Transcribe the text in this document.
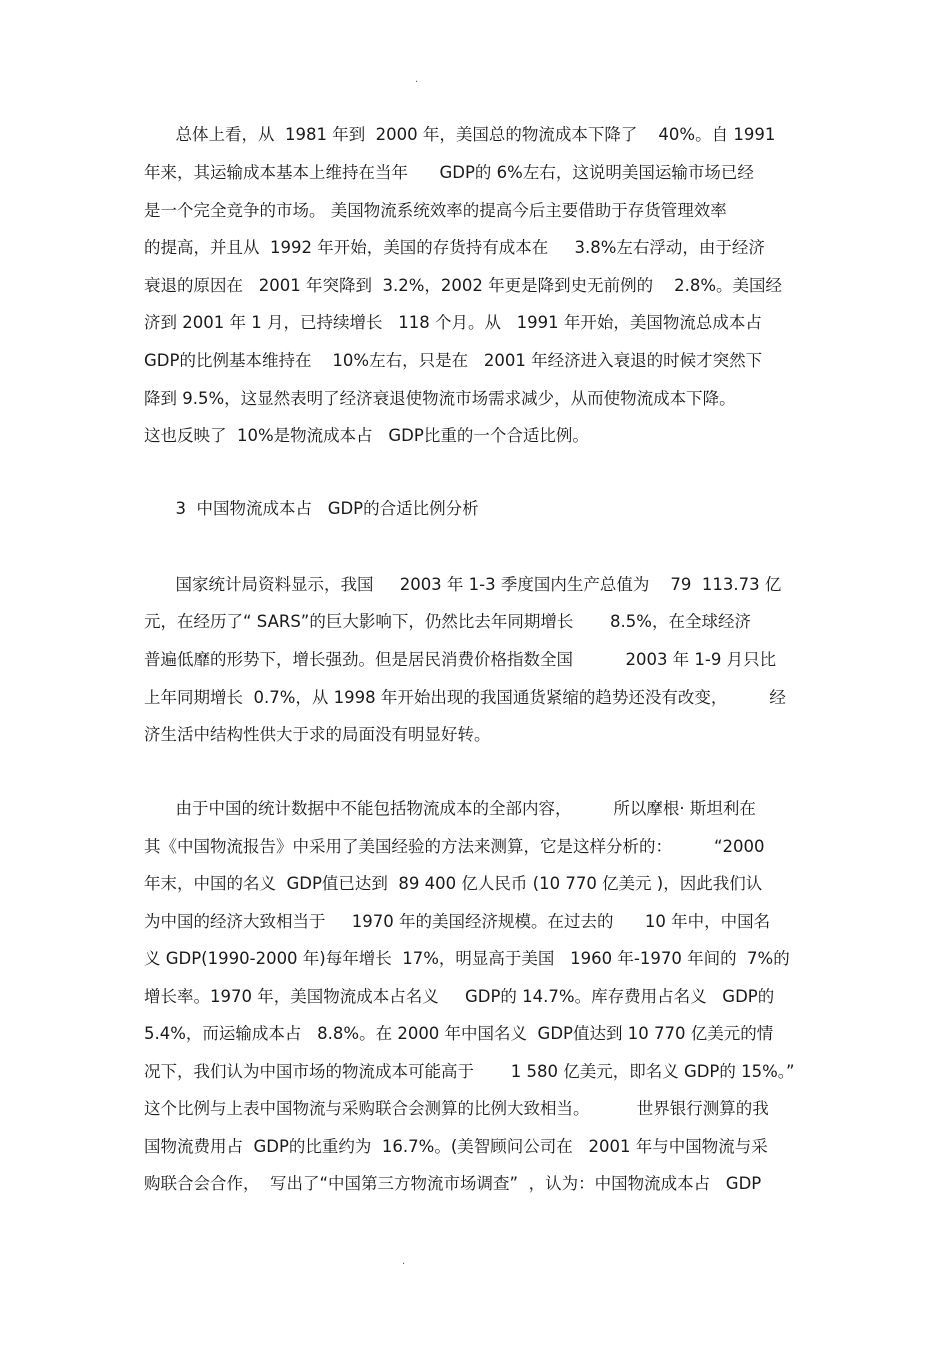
.
总体上看，从  1981 年到  2000 年，美国总的物流成本下降了    40%。自 1991
年来，其运输成本基本上维持在当年      GDP的 6%左右，这说明美国运输市场已经
是一个完全竞争的市场。 美国物流系统效率的提高今后主要借助于存货管理效率
的提高，并且从  1992 年开始，美国的存货持有成本在     3.8%左右浮动，由于经济
衰退的原因在   2001 年突降到  3.2%，2002 年更是降到史无前例的    2.8%。美国经
济到 2001 年 1 月，已持续增长   118 个月。从   1991 年开始，美国物流总成本占
GDP的比例基本维持在    10%左右，只是在   2001 年经济进入衰退的时候才突然下
降到 9.5%，这显然表明了经济衰退使物流市场需求减少，从而使物流成本下降。
这也反映了  10%是物流成本占   GDP比重的一个合适比例。
3  中国物流成本占   GDP的合适比例分析
国家统计局资料显示，我国     2003 年 1-3 季度国内生产总值为    79  113.73 亿
元，在经历了“ SARS”的巨大影响下，仍然比去年同期增长       8.5%，在全球经济
普遍低靡的形势下，增长强劲。但是居民消费价格指数全国          2003 年 1-9 月只比
上年同期增长  0.7%，从 1998 年开始出现的我国通货紧缩的趋势还没有改变，        经
济生活中结构性供大于求的局面没有明显好转。
由于中国的统计数据中不能包括物流成本的全部内容，        所以摩根· 斯坦利在
其《中国物流报告》中采用了美国经验的方法来测算，它是这样分析的：        “2000
年末，中国的名义  GDP值已达到  89 400 亿人民币 (10 770 亿美元 )，因此我们认
为中国的经济大致相当于     1970 年的美国经济规模。在过去的      10 年中，中国名
义 GDP(1990-2000 年)每年增长  17%，明显高于美国   1960 年-1970 年间的  7%的
增长率。1970 年，美国物流成本占名义     GDP的 14.7%。库存费用占名义   GDP的
5.4%，而运输成本占   8.8%。在 2000 年中国名义  GDP值达到 10 770 亿美元的情
况下，我们认为中国市场的物流成本可能高于       1 580 亿美元，即名义 GDP的 15%。”
这个比例与上表中国物流与采购联合会测算的比例大致相当。         世界银行测算的我
国物流费用占  GDP的比重约为  16.7%。(美智顾问公司在   2001 年与中国物流与采
购联合会合作，  写出了“中国第三方物流市场调查”  ，认为：中国物流成本占   GDP
.
